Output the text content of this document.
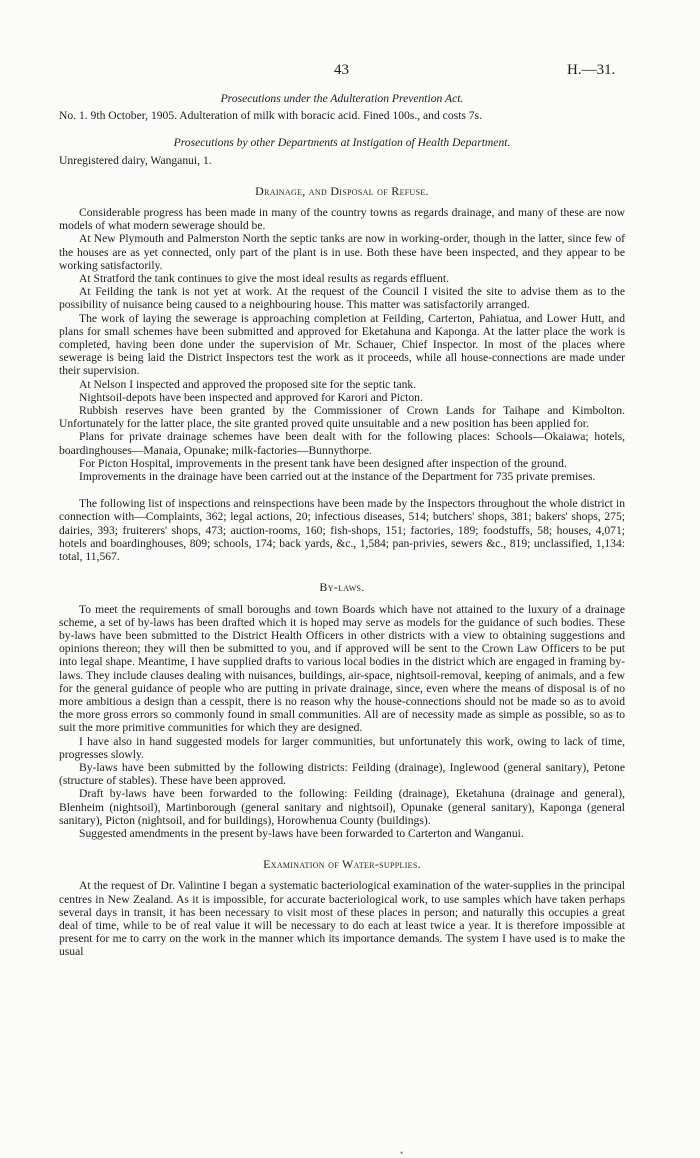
43	H.—31.

Prosecutions under the Adulteration Prevention Act.

No. 1. 9th October, 1905. Adulteration of milk with boracic acid. Fined 100s., and costs 7s.

Prosecutions by other Departments at Instigation of Health Department.

Unregistered dairy, Wanganui, 1.

Drainage, and Disposal of Refuse.

Considerable progress has been made in many of the country towns as regards drainage, and many of these are now models of what modern sewerage should be.

At New Plymouth and Palmerston North the septic tanks are now in working-order, though in the latter, since few of the houses are as yet connected, only part of the plant is in use. Both these have been inspected, and they appear to be working satisfactorily.

At Stratford the tank continues to give the most ideal results as regards effluent.

At Feilding the tank is not yet at work. At the request of the Council I visited the site to advise them as to the possibility of nuisance being caused to a neighbouring house. This matter was satisfactorily arranged.

The work of laying the sewerage is approaching completion at Feilding, Carterton, Pahiatua, and Lower Hutt, and plans for small schemes have been submitted and approved for Eketahuna and Kaponga. At the latter place the work is completed, having been done under the supervision of Mr. Schauer, Chief Inspector. In most of the places where sewerage is being laid the District Inspectors test the work as it proceeds, while all house-connections are made under their supervision.

At Nelson I inspected and approved the proposed site for the septic tank.

Nightsoil-depots have been inspected and approved for Karori and Picton.

Rubbish reserves have been granted by the Commissioner of Crown Lands for Taihape and Kimbolton. Unfortunately for the latter place, the site granted proved quite unsuitable and a new position has been applied for.

Plans for private drainage schemes have been dealt with for the following places: Schools—Okaiawa; hotels, boardinghouses—Manaia, Opunake; milk-factories—Bunnythorpe.

For Picton Hospital, improvements in the present tank have been designed after inspection of the ground.

Improvements in the drainage have been carried out at the instance of the Department for 735 private premises.

The following list of inspections and reinspections have been made by the Inspectors throughout the whole district in connection with—Complaints, 362; legal actions, 20; infectious diseases, 514; butchers' shops, 381; bakers' shops, 275; dairies, 393; fruiterers' shops, 473; auction-rooms, 160; fish-shops, 151; factories, 189; foodstuffs, 58; houses, 4,071; hotels and boardinghouses, 809; schools, 174; back yards, &c., 1,584; pan-privies, sewers &c., 819; unclassified, 1,134: total, 11,567.

By-laws.

To meet the requirements of small boroughs and town Boards which have not attained to the luxury of a drainage scheme, a set of by-laws has been drafted which it is hoped may serve as models for the guidance of such bodies. These by-laws have been submitted to the District Health Officers in other districts with a view to obtaining suggestions and opinions thereon; they will then be submitted to you, and if approved will be sent to the Crown Law Officers to be put into legal shape. Meantime, I have supplied drafts to various local bodies in the district which are engaged in framing by-laws. They include clauses dealing with nuisances, buildings, air-space, nightsoil-removal, keeping of animals, and a few for the general guidance of people who are putting in private drainage, since, even where the means of disposal is of no more ambitious a design than a cesspit, there is no reason why the house-connections should not be made so as to avoid the more gross errors so commonly found in small communities. All are of necessity made as simple as possible, so as to suit the more primitive communities for which they are designed.

I have also in hand suggested models for larger communities, but unfortunately this work, owing to lack of time, progresses slowly.

By-laws have been submitted by the following districts: Feilding (drainage), Inglewood (general sanitary), Petone (structure of stables). These have been approved.

Draft by-laws have been forwarded to the following: Feilding (drainage), Eketahuna (drainage and general), Blenheim (nightsoil), Martinborough (general sanitary and nightsoil), Opunake (general sanitary), Kaponga (general sanitary), Picton (nightsoil, and for buildings), Horowhenua County (buildings).

Suggested amendments in the present by-laws have been forwarded to Carterton and Wanganui.

Examination of Water-supplies.

At the request of Dr. Valintine I began a systematic bacteriological examination of the water-supplies in the principal centres in New Zealand. As it is impossible, for accurate bacteriological work, to use samples which have taken perhaps several days in transit, it has been necessary to visit most of these places in person; and naturally this occupies a great deal of time, while to be of real value it will be necessary to do each at least twice a year. It is therefore impossible at present for me to carry on the work in the manner which its importance demands. The system I have used is to make the usual

•
